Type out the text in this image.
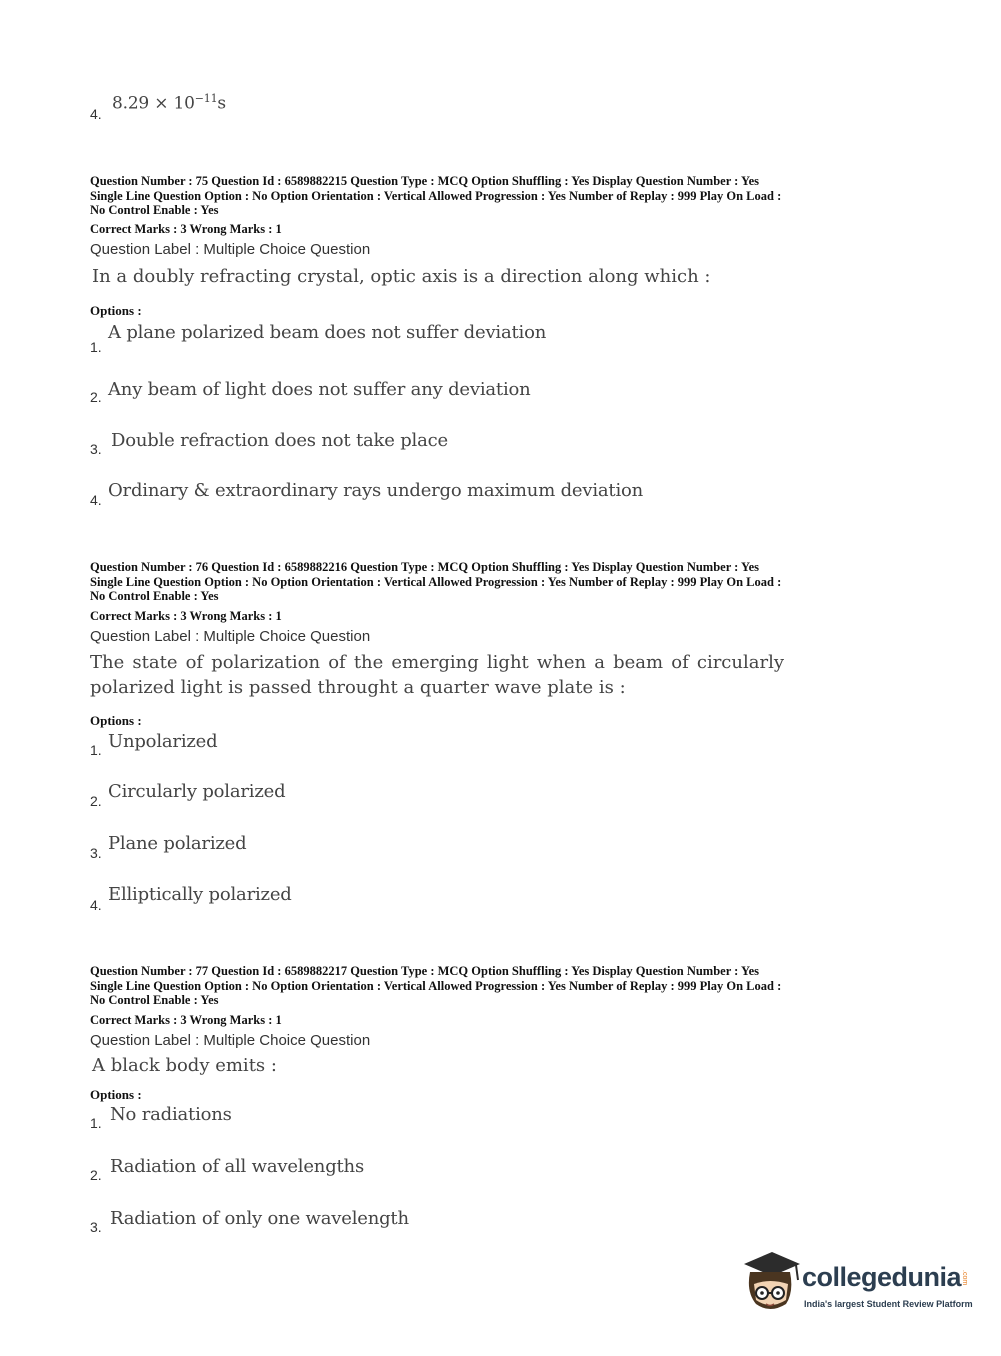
4.
$8.29 \times 10^{-11}s$
Question Number : 75 Question Id : 6589882215 Question Type : MCQ Option Shuffling : Yes Display Question Number : Yes
Single Line Question Option : No Option Orientation : Vertical Allowed Progression : Yes Number of Replay : 999 Play On Load :
No Control Enable : Yes
Correct Marks : 3 Wrong Marks : 1
Question Label : Multiple Choice Question
In a doubly refracting crystal, optic axis is a direction along which :
Options :
1.
A plane polarized beam does not suffer deviation
2. Any beam of light does not suffer any deviation
3. Double refraction does not take place
4. Ordinary & extraordinary rays undergo maximum deviation
Question Number : 76 Question Id : 6589882216 Question Type : MCQ Option Shuffling : Yes Display Question Number : Yes
Single Line Question Option : No Option Orientation : Vertical Allowed Progression : Yes Number of Replay : 999 Play On Load :
No Control Enable : Yes
Correct Marks : 3 Wrong Marks : 1
Question Label : Multiple Choice Question
The state of polarization of the emerging light when a beam of circularly
polarized light is passed throught a quarter wave plate is :
Options :
1. Unpolarized
2. Circularly polarized
3. Plane polarized
4. Elliptically polarized
Question Number : 77 Question Id : 6589882217 Question Type : MCQ Option Shuffling : Yes Display Question Number : Yes
Single Line Question Option : No Option Orientation : Vertical Allowed Progression : Yes Number of Replay : 999 Play On Load :
No Control Enable : Yes
Correct Marks : 3 Wrong Marks : 1
Question Label : Multiple Choice Question
A black body emits :
Options :
1. No radiations
2. Radiation of all wavelengths
3. Radiation of only one wavelength
collegedunia .com
India's largest Student Review Platform
